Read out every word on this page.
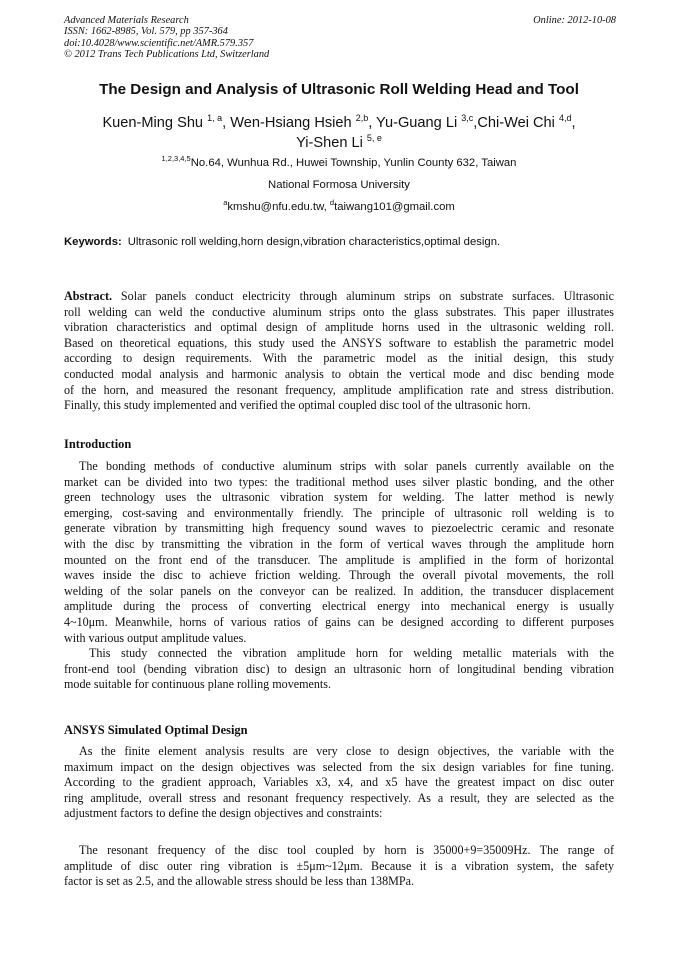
Advanced Materials Research
ISSN: 1662-8985, Vol. 579, pp 357-364
doi:10.4028/www.scientific.net/AMR.579.357
© 2012 Trans Tech Publications Ltd, Switzerland
Online: 2012-10-08
The Design and Analysis of Ultrasonic Roll Welding Head and Tool
Kuen-Ming Shu $^{1, a}$, Wen-Hsiang Hsieh $^{2,b}$, Yu-Guang Li $^{3,c}$,Chi-Wei Chi $^{4,d}$,
Yi-Shen Li $^{5, e}$
$^{1,2,3,4,5}$No.64, Wunhua Rd., Huwei Township, Yunlin County 632, Taiwan
National Formosa University
$^a$kmshu@nfu.edu.tw, $^d$taiwang101@gmail.com
Keywords: Ultrasonic roll welding,horn design,vibration characteristics,optimal design.

Abstract. Solar panels conduct electricity through aluminum strips on substrate surfaces. Ultrasonic

roll welding can weld the conductive aluminum strips onto the glass substrates. This paper illustrates

vibration characteristics and optimal design of amplitude horns used in the ultrasonic welding roll.

Based on theoretical equations, this study used the ANSYS software to establish the parametric model

according to design requirements. With the parametric model as the initial design, this study

conducted modal analysis and harmonic analysis to obtain the vertical mode and disc bending mode

of the horn, and measured the resonant frequency, amplitude amplification rate and stress distribution.

Finally, this study implemented and verified the optimal coupled disc tool of the ultrasonic horn.

Introduction

The bonding methods of conductive aluminum strips with solar panels currently available on the

market can be divided into two types: the traditional method uses silver plastic bonding, and the other

green technology uses the ultrasonic vibration system for welding. The latter method is newly

emerging, cost-saving and environmentally friendly. The principle of ultrasonic roll welding is to

generate vibration by transmitting high frequency sound waves to piezoelectric ceramic and resonate

with the disc by transmitting the vibration in the form of vertical waves through the amplitude horn

mounted on the front end of the transducer. The amplitude is amplified in the form of horizontal

waves inside the disc to achieve friction welding. Through the overall pivotal movements, the roll

welding of the solar panels on the conveyor can be realized. In addition, the transducer displacement

amplitude during the process of converting electrical energy into mechanical energy is usually

4~10μm. Meanwhile, horns of various ratios of gains can be designed according to different purposes

with various output amplitude values.

This study connected the vibration amplitude horn for welding metallic materials with the

front-end tool (bending vibration disc) to design an ultrasonic horn of longitudinal bending vibration

mode suitable for continuous plane rolling movements.

ANSYS Simulated Optimal Design

As the finite element analysis results are very close to design objectives, the variable with the

maximum impact on the design objectives was selected from the six design variables for fine tuning.

According to the gradient approach, Variables x3, x4, and x5 have the greatest impact on disc outer

ring amplitude, overall stress and resonant frequency respectively. As a result, they are selected as the

adjustment factors to define the design objectives and constraints:

The resonant frequency of the disc tool coupled by horn is 35000+9=35009Hz. The range of

amplitude of disc outer ring vibration is ±5μm~12μm. Because it is a vibration system, the safety

factor is set as 2.5, and the allowable stress should be less than 138MPa.
